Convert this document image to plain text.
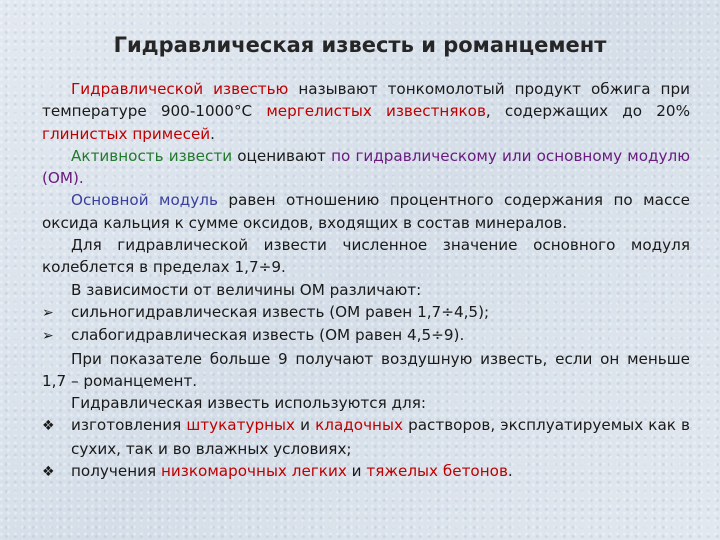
Гидравлическая известь и романцемент

Гидравлической известью называют тонкомолотый продукт обжига при температуре 900-1000°С мергелистых известняков, содержащих до 20% глинистых примесей.

Активность извести оценивают по гидравлическому или основному модулю (ОМ).

Основной модуль равен отношению процентного содержания по массе оксида кальция к сумме оксидов, входящих в состав минералов.

Для гидравлической извести численное значение основного модуля колеблется в пределах 1,7÷9.

В зависимости от величины ОМ различают:

➢ сильногидравлическая известь (ОМ равен 1,7÷4,5);

➢ слабогидравлическая известь (ОМ равен 4,5÷9).

При показателе больше 9 получают воздушную известь, если он меньше 1,7 – романцемент.

Гидравлическая известь используются для:

❖ изготовления штукатурных и кладочных растворов, эксплуатируемых как в сухих, так и во влажных условиях;

❖ получения низкомарочных легких и тяжелых бетонов.
